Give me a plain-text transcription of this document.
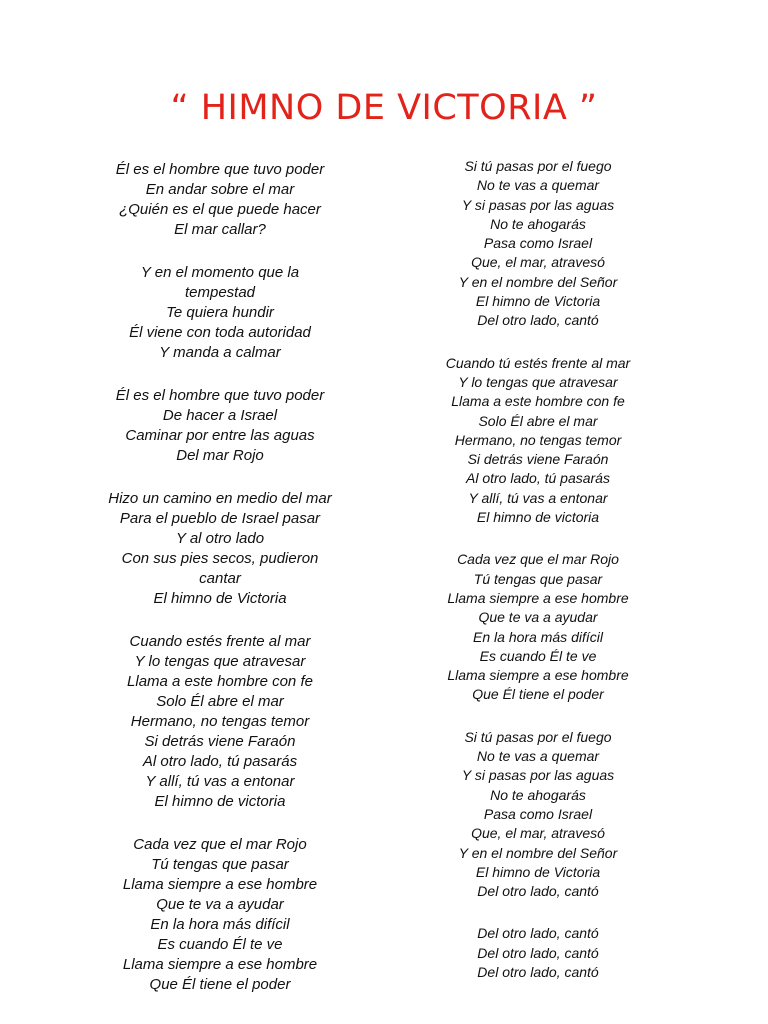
“ HIMNO DE VICTORIA ”
Él es el hombre que tuvo poder
En andar sobre el mar
¿Quién es el que puede hacer
El mar callar?
Y en el momento que la
tempestad
Te quiera hundir
Él viene con toda autoridad
Y manda a calmar
Él es el hombre que tuvo poder
De hacer a Israel
Caminar por entre las aguas
Del mar Rojo
Hizo un camino en medio del mar
Para el pueblo de Israel pasar
Y al otro lado
Con sus pies secos, pudieron
cantar
El himno de Victoria
Cuando estés frente al mar
Y lo tengas que atravesar
Llama a este hombre con fe
Solo Él abre el mar
Hermano, no tengas temor
Si detrás viene Faraón
Al otro lado, tú pasarás
Y allí, tú vas a entonar
El himno de victoria
Cada vez que el mar Rojo
Tú tengas que pasar
Llama siempre a ese hombre
Que te va a ayudar
En la hora más difícil
Es cuando Él te ve
Llama siempre a ese hombre
Que Él tiene el poder
Si tú pasas por el fuego
No te vas a quemar
Y si pasas por las aguas
No te ahogarás
Pasa como Israel
Que, el mar, atravesó
Y en el nombre del Señor
El himno de Victoria
Del otro lado, cantó
Cuando tú estés frente al mar
Y lo tengas que atravesar
Llama a este hombre con fe
Solo Él abre el mar
Hermano, no tengas temor
Si detrás viene Faraón
Al otro lado, tú pasarás
Y allí, tú vas a entonar
El himno de victoria
Cada vez que el mar Rojo
Tú tengas que pasar
Llama siempre a ese hombre
Que te va a ayudar
En la hora más difícil
Es cuando Él te ve
Llama siempre a ese hombre
Que Él tiene el poder
Si tú pasas por el fuego
No te vas a quemar
Y si pasas por las aguas
No te ahogarás
Pasa como Israel
Que, el mar, atravesó
Y en el nombre del Señor
El himno de Victoria
Del otro lado, cantó
Del otro lado, cantó
Del otro lado, cantó
Del otro lado, cantó
